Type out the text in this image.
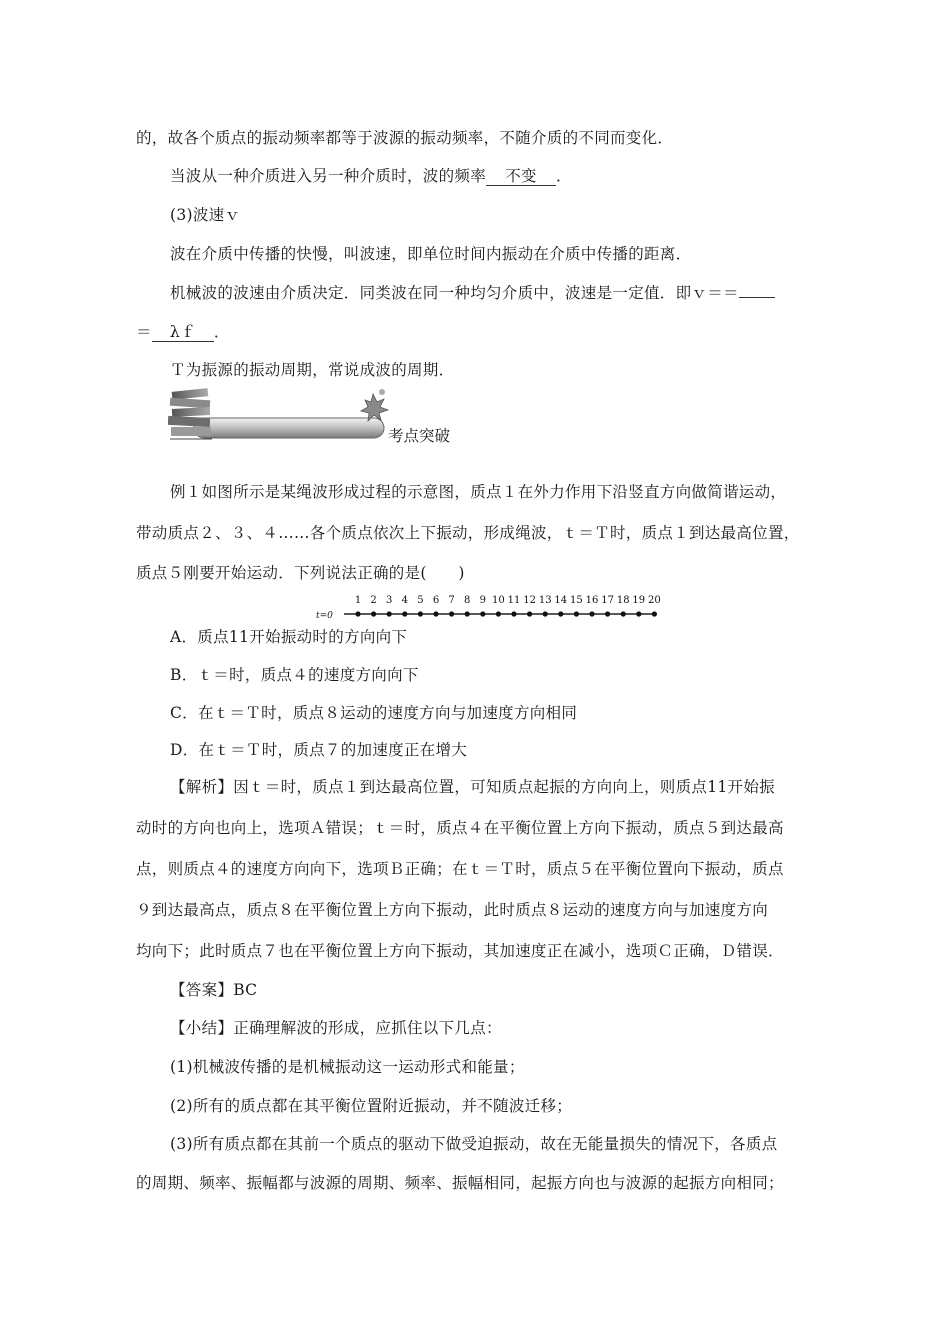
的，故各个质点的振动频率都等于波源的振动频率，不随介质的不同而变化．
当波从一种介质进入另一种介质时，波的频率 不变 ．
(3)波速ｖ
波在介质中传播的快慢，叫波速，即单位时间内振动在介质中传播的距离．
机械波的波速由介质决定．同类波在同一种均匀介质中，波速是一定值．即ｖ＝＝
＝ λｆ ．
Ｔ为振源的振动周期，常说成波的周期．
考点突破
例１如图所示是某绳波形成过程的示意图，质点１在外力作用下沿竖直方向做简谐运动，
带动质点２、３、４……各个质点依次上下振动，形成绳波，ｔ＝Ｔ时，质点１到达最高位置，
质点５刚要开始运动．下列说法正确的是(　　)
t=0
1 2 3 4 5 6 7 8 9 10 11 12 13 14 15 16 17 18 19 20
A．质点11开始振动时的方向向下
B．ｔ＝时，质点４的速度方向向下
C．在ｔ＝Ｔ时，质点８运动的速度方向与加速度方向相同
D．在ｔ＝Ｔ时，质点７的加速度正在增大
【解析】因ｔ＝时，质点１到达最高位置，可知质点起振的方向向上，则质点11开始振
动时的方向也向上，选项Ａ错误；ｔ＝时，质点４在平衡位置上方向下振动，质点５到达最高
点，则质点４的速度方向向下，选项Ｂ正确；在ｔ＝Ｔ时，质点５在平衡位置向下振动，质点
９到达最高点，质点８在平衡位置上方向下振动，此时质点８运动的速度方向与加速度方向
均向下；此时质点７也在平衡位置上方向下振动，其加速度正在减小，选项Ｃ正确，Ｄ错误．
【答案】BC
【小结】正确理解波的形成，应抓住以下几点：
(1)机械波传播的是机械振动这一运动形式和能量；
(2)所有的质点都在其平衡位置附近振动，并不随波迁移；
(3)所有质点都在其前一个质点的驱动下做受迫振动，故在无能量损失的情况下，各质点
的周期、频率、振幅都与波源的周期、频率、振幅相同，起振方向也与波源的起振方向相同；
